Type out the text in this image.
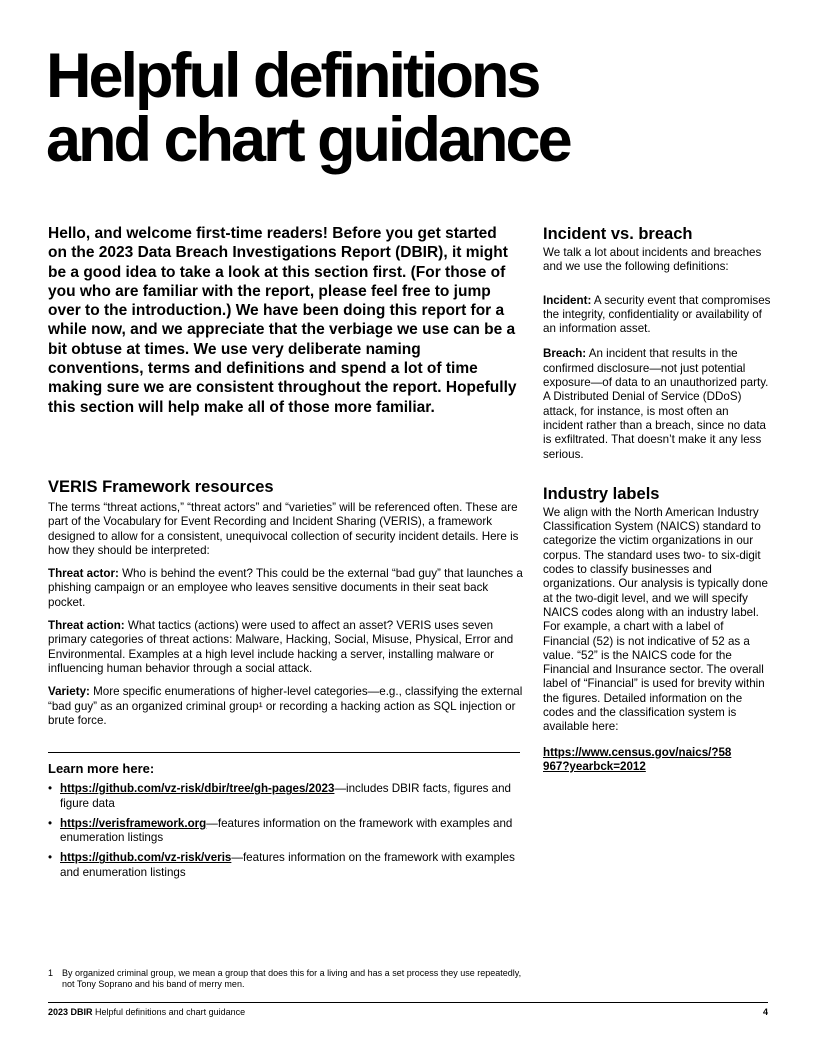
Helpful definitions
and chart guidance

Hello, and welcome first-time readers! Before you get started on the 2023 Data Breach Investigations Report (DBIR), it might be a good idea to take a look at this section first. (For those of you who are familiar with the report, please feel free to jump over to the introduction.) We have been doing this report for a while now, and we appreciate that the verbiage we use can be a bit obtuse at times. We use very deliberate naming conventions, terms and definitions and spend a lot of time making sure we are consistent throughout the report. Hopefully this section will help make all of those more familiar.

VERIS Framework resources

The terms “threat actions,” “threat actors” and “varieties” will be referenced often. These are part of the Vocabulary for Event Recording and Incident Sharing (VERIS), a framework designed to allow for a consistent, unequivocal collection of security incident details. Here is how they should be interpreted:

Threat actor: Who is behind the event? This could be the external “bad guy” that launches a phishing campaign or an employee who leaves sensitive documents in their seat back pocket.

Threat action: What tactics (actions) were used to affect an asset? VERIS uses seven primary categories of threat actions: Malware, Hacking, Social, Misuse, Physical, Error and Environmental. Examples at a high level include hacking a server, installing malware or influencing human behavior through a social attack.

Variety: More specific enumerations of higher-level categories—e.g., classifying the external “bad guy” as an organized criminal group¹ or recording a hacking action as SQL injection or brute force.

Learn more here:

• https://github.com/vz-risk/dbir/tree/gh-pages/2023—includes DBIR facts, figures and figure data
• https://verisframework.org—features information on the framework with examples and enumeration listings
• https://github.com/vz-risk/veris—features information on the framework with examples and enumeration listings
Incident vs. breach

We talk a lot about incidents and breaches and we use the following definitions:

Incident: A security event that compromises the integrity, confidentiality or availability of an information asset.

Breach: An incident that results in the confirmed disclosure—not just potential exposure—of data to an unauthorized party. A Distributed Denial of Service (DDoS) attack, for instance, is most often an incident rather than a breach, since no data is exfiltrated. That doesn’t make it any less serious.

Industry labels

We align with the North American Industry Classification System (NAICS) standard to categorize the victim organizations in our corpus. The standard uses two- to six-digit codes to classify businesses and organizations. Our analysis is typically done at the two-digit level, and we will specify NAICS codes along with an industry label. For example, a chart with a label of Financial (52) is not indicative of 52 as a value. “52” is the NAICS code for the Financial and Insurance sector. The overall label of “Financial” is used for brevity within the figures. Detailed information on the codes and the classification system is available here:

https://www.census.gov/naics/?58967?yearbck=2012

1 By organized criminal group, we mean a group that does this for a living and has a set process they use repeatedly, not Tony Soprano and his band of merry men.
2023 DBIR Helpful definitions and chart guidance	4
